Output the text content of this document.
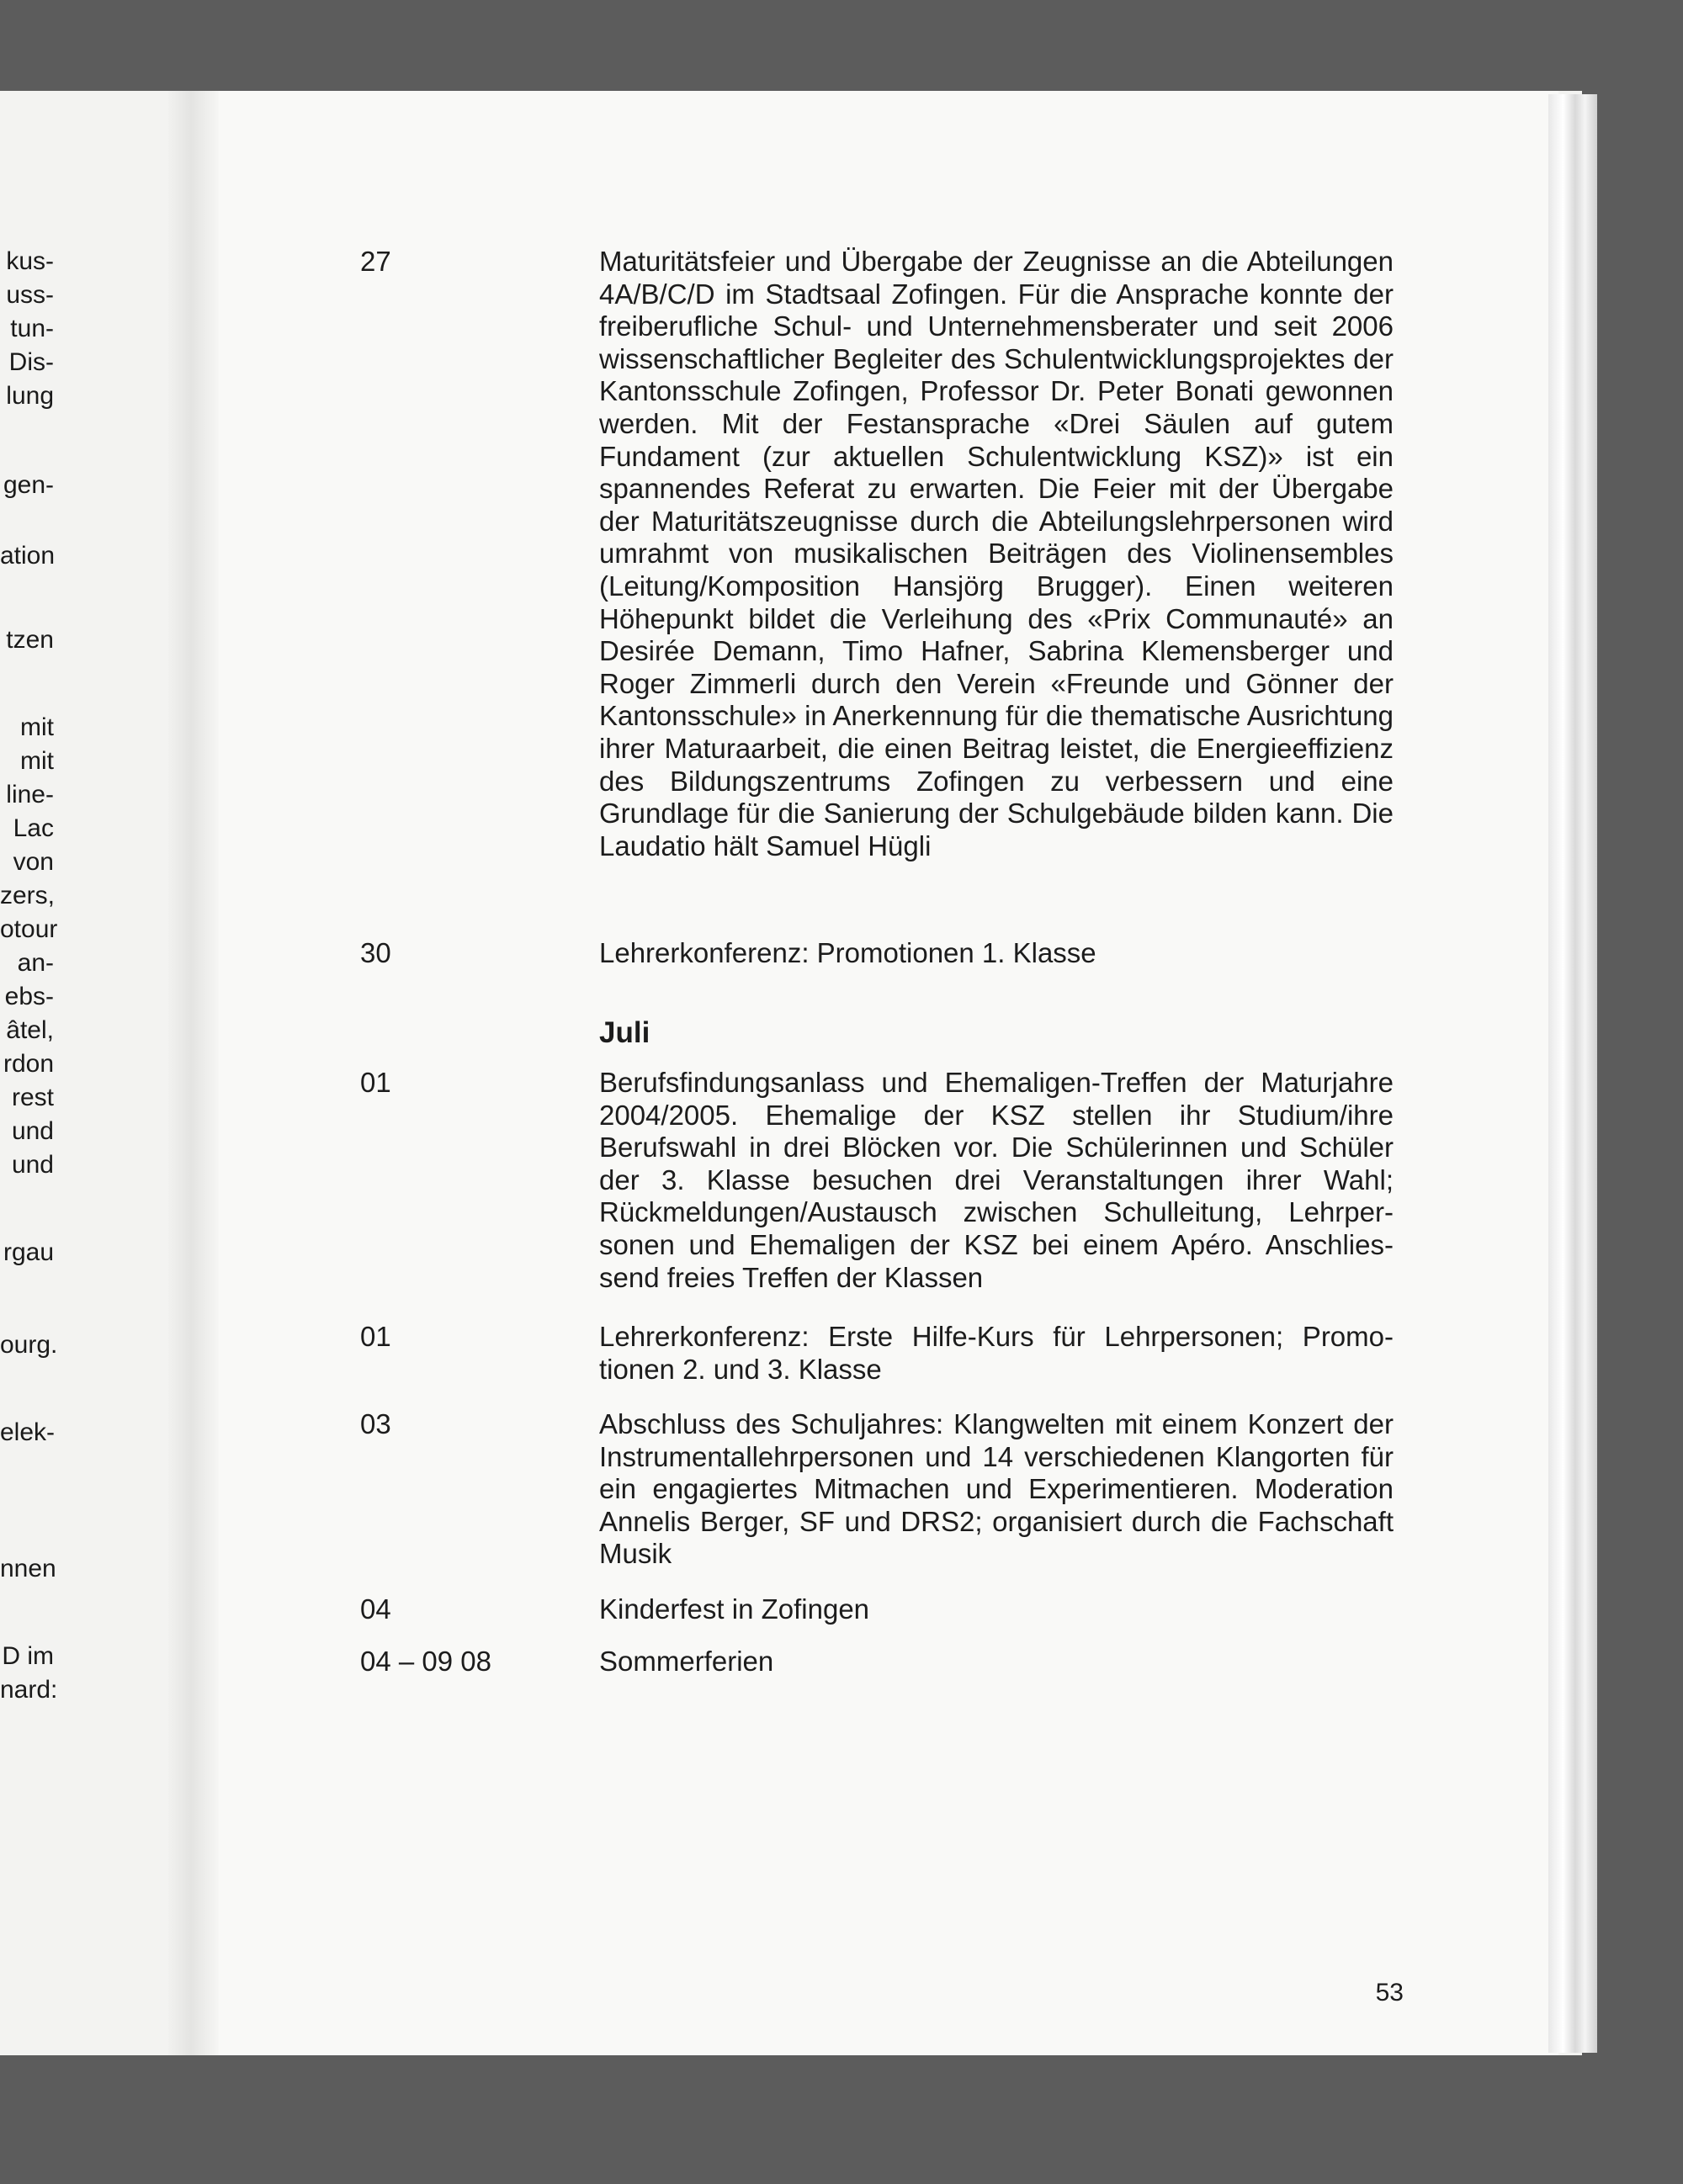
kus-
uss-
tun-
Dis-
lung
gen-
ation
tzen
mit
mit
line-
Lac
von
zers,
otour
an-
ebs-
âtel,
rdon
rest
und
und
rgau
ourg.
elek-
nnen
D im
nard:
27	Maturitätsfeier und Übergabe der Zeugnisse an die Abteilungen 4A/B/C/D im Stadtsaal Zofingen. Für die Ansprache konnte der freiberufliche Schul- und Unternehmensberater und seit 2006 wissenschaftlicher Begleiter des Schulentwicklungsprojektes der Kantonsschule Zofingen, Professor Dr. Peter Bonati gewonnen werden. Mit der Festansprache «Drei Säulen auf gutem Fundament (zur aktuellen Schulentwicklung KSZ)» ist ein spannendes Referat zu erwarten. Die Feier mit der Übergabe der Maturitätszeugnisse durch die Abteilungslehrpersonen wird umrahmt von musikalischen Beiträgen des Violinensembles (Leitung/Komposition Hansjörg Brugger). Einen weiteren Höhepunkt bildet die Verleihung des «Prix Communauté» an Desirée Demann, Timo Hafner, Sabrina Klemensberger und Roger Zimmerli durch den Verein «Freunde und Gönner der Kantonsschule» in Anerkennung für die thematische Ausrichtung ihrer Maturaarbeit, die einen Beitrag leistet, die Energieeffizienz des Bildungszentrums Zofingen zu verbessern und eine Grundlage für die Sanierung der Schulgebäude bilden kann. Die Laudatio hält Samuel Hügli
30	Lehrerkonferenz: Promotionen 1. Klasse
Juli
01	Berufsfindungsanlass und Ehemaligen-Treffen der Maturjahre 2004/2005. Ehemalige der KSZ stellen ihr Studium/ihre Berufswahl in drei Blöcken vor. Die Schülerinnen und Schüler der 3. Klasse besuchen drei Veranstaltungen ihrer Wahl; Rückmeldungen/Austausch zwischen Schulleitung, Lehrpersonen und Ehemaligen der KSZ bei einem Apéro. Anschliessend freies Treffen der Klassen
01	Lehrerkonferenz: Erste Hilfe-Kurs für Lehrpersonen; Promotionen 2. und 3. Klasse
03	Abschluss des Schuljahres: Klangwelten mit einem Konzert der Instrumentallehrpersonen und 14 verschiedenen Klangorten für ein engagiertes Mitmachen und Experimentieren. Moderation Annelis Berger, SF und DRS2; organisiert durch die Fachschaft Musik
04	Kinderfest in Zofingen
04 – 09 08	Sommerferien
53
